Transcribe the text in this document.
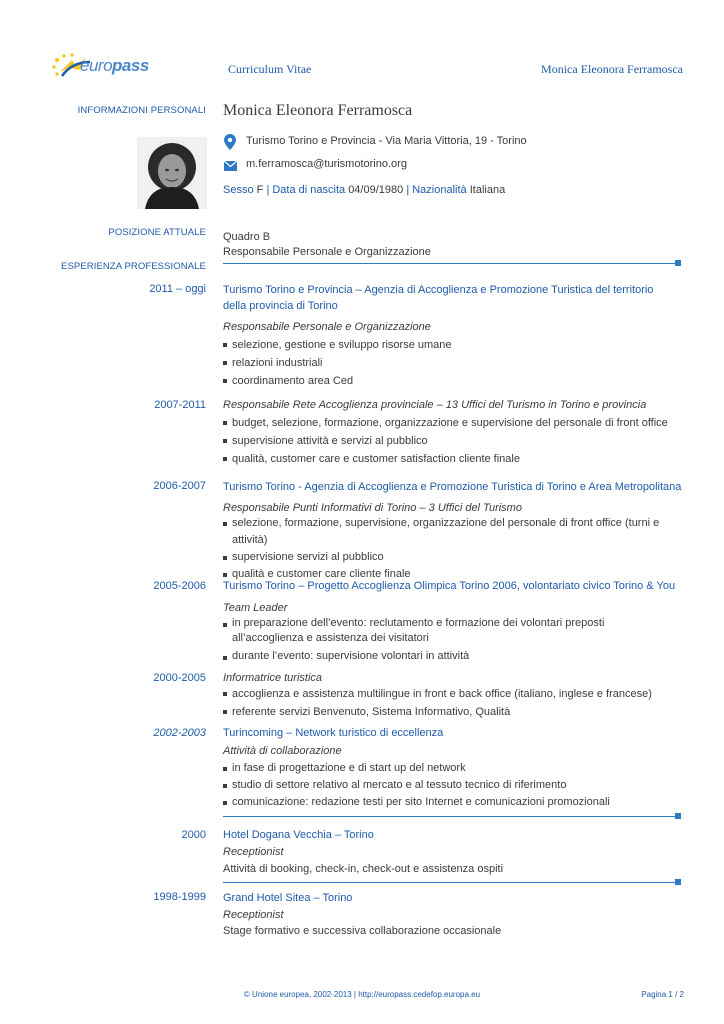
europass	Curriculum Vitae	Monica Eleonora Ferramosca
INFORMAZIONI PERSONALI Monica Eleonora Ferramosca
Turismo Torino e Provincia - Via Maria Vittoria, 19 - Torino
m.ferramosca@turismotorino.org
Sesso F | Data di nascita 04/09/1980 | Nazionalità Italiana
POSIZIONE ATTUALE Quadro B
Responsabile Personale e Organizzazione
ESPERIENZA PROFESSIONALE
2011 – oggi Turismo Torino e Provincia – Agenzia di Accoglienza e Promozione Turistica del territorio della provincia di Torino
Responsabile Personale e Organizzazione
selezione, gestione e sviluppo risorse umane
relazioni industriali
coordinamento area Ced
2007-2011 Responsabile Rete Accoglienza provinciale – 13 Uffici del Turismo in Torino e provincia
budget, selezione, formazione, organizzazione e supervisione del personale di front office
supervisione attività e servizi al pubblico
qualità, customer care e customer satisfaction cliente finale
2006-2007 Turismo Torino - Agenzia di Accoglienza e Promozione Turistica di Torino e Area Metropolitana
Responsabile Punti Informativi di Torino – 3 Uffici del Turismo
selezione, formazione, supervisione, organizzazione del personale di front office (turni e attività)
supervisione servizi al pubblico
qualità e customer care cliente finale
2005-2006 Turismo Torino – Progetto Accoglienza Olimpica Torino 2006, volontariato civico Torino & You
Team Leader
in preparazione dell’evento: reclutamento e formazione dei volontari preposti all’accoglienza e assistenza dei visitatori
durante l’evento: supervisione volontari in attività
2000-2005 Informatrice turistica
accoglienza e assistenza multilingue in front e back office (italiano, inglese e francese)
referente servizi Benvenuto, Sistema Informativo, Qualità
2002-2003 Turincoming – Network turistico di eccellenza
Attività di collaborazione
in fase di progettazione e di start up del network
studio di settore relativo al mercato e al tessuto tecnico di riferimento
comunicazione: redazione testi per sito Internet e comunicazioni promozionali
2000 Hotel Dogana Vecchia – Torino
Receptionist
Attività di booking, check-in, check-out e assistenza ospiti
1998-1999 Grand Hotel Sitea – Torino
Receptionist
Stage formativo e successiva collaborazione occasionale
© Unione europea, 2002-2013 | http://europass.cedefop.europa.eu	Pagina 1 / 2
